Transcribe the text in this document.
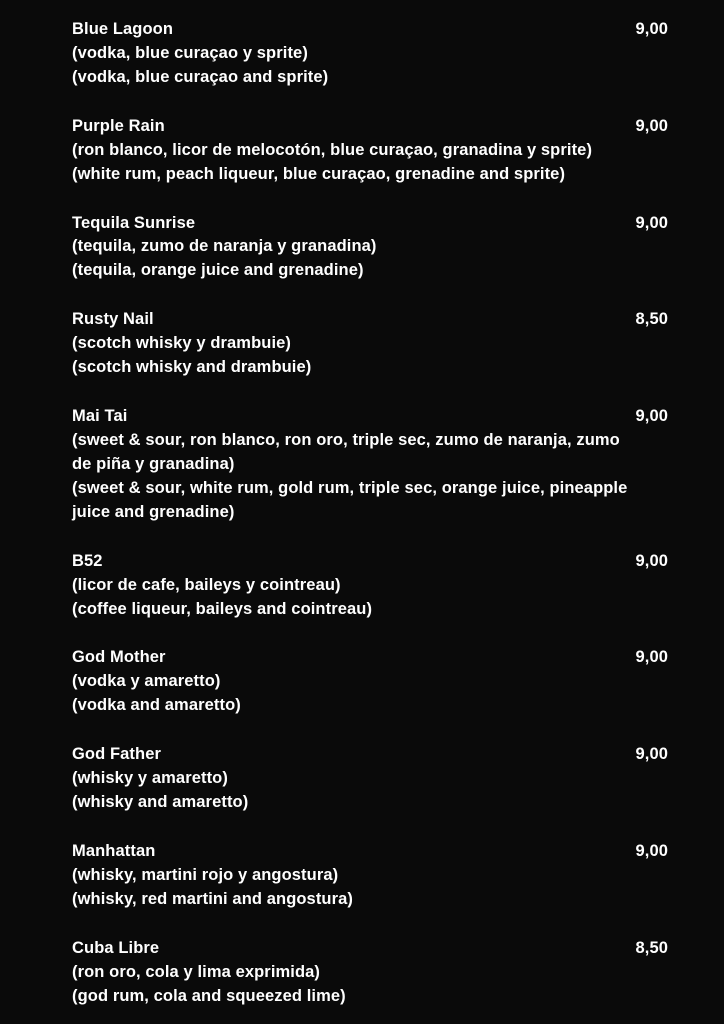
Blue Lagoon	9,00
(vodka, blue curaçao y sprite)
(vodka, blue curaçao and sprite)
Purple Rain	9,00
(ron blanco, licor de melocotón, blue curaçao, granadina y sprite)
(white rum, peach liqueur, blue curaçao, grenadine and sprite)
Tequila Sunrise	9,00
(tequila, zumo de naranja y granadina)
(tequila, orange juice and grenadine)
Rusty Nail	8,50
(scotch whisky y drambuie)
(scotch whisky and drambuie)
Mai Tai	9,00
(sweet & sour, ron blanco, ron oro, triple sec, zumo de naranja, zumo de piña y granadina)
(sweet & sour, white rum, gold rum, triple sec, orange juice, pineapple juice and grenadine)
B52	9,00
(licor de cafe, baileys y cointreau)
(coffee liqueur, baileys and cointreau)
God Mother	9,00
(vodka y amaretto)
(vodka and amaretto)
God Father	9,00
(whisky y amaretto)
(whisky and amaretto)
Manhattan	9,00
(whisky, martini rojo y angostura)
(whisky, red martini and angostura)
Cuba Libre	8,50
(ron oro, cola y lima exprimida)
(god rum, cola and squeezed lime)
